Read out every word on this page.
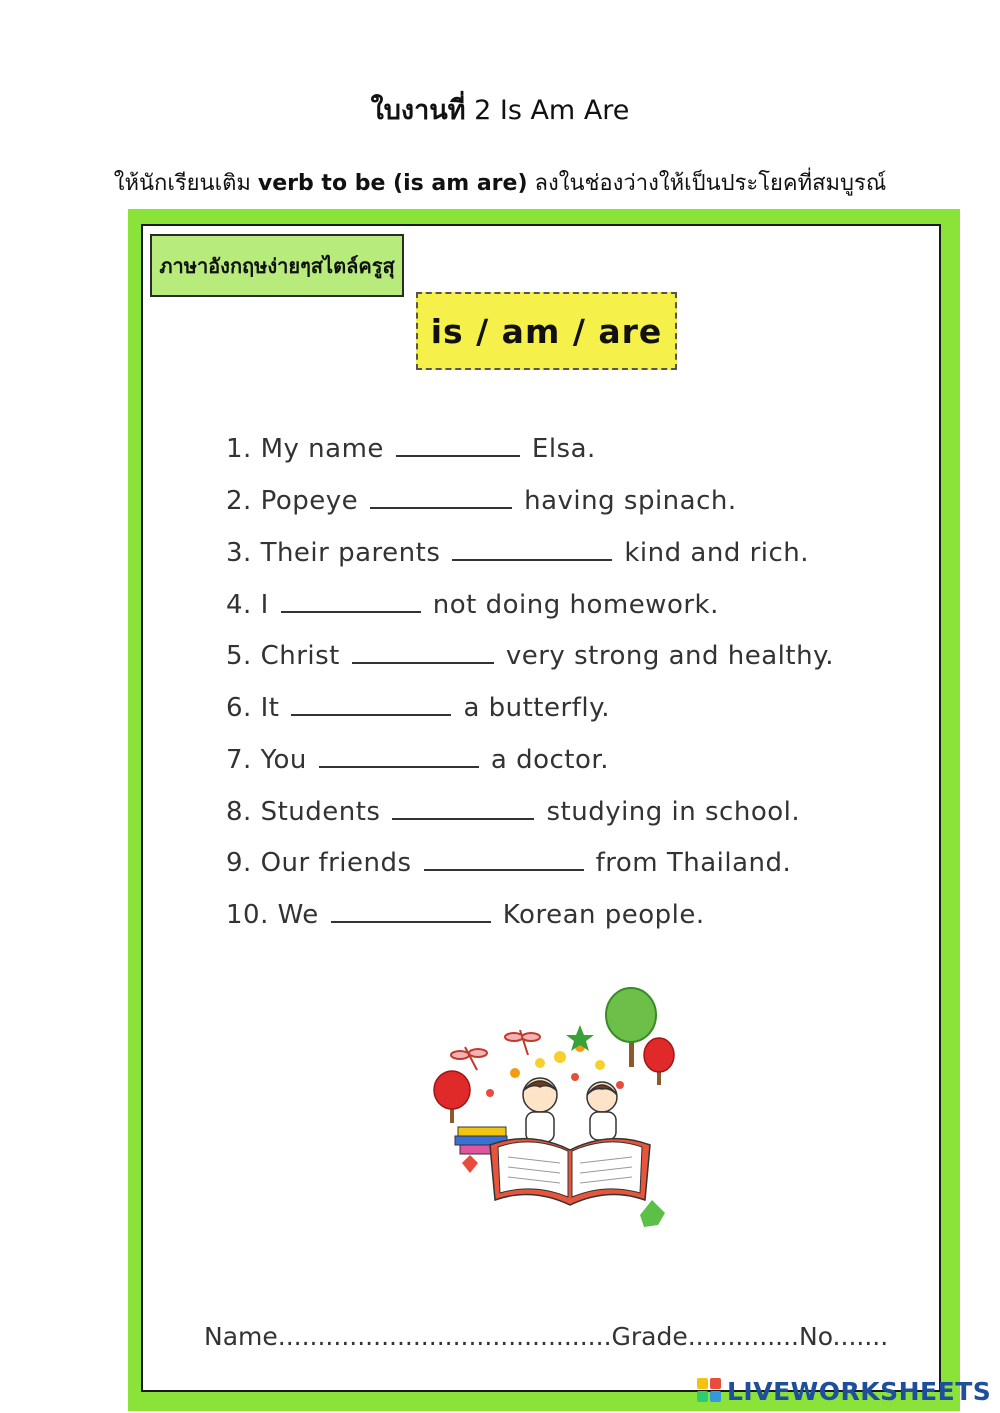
ใบงานที่ 2 Is Am Are
ให้นักเรียนเติม verb to be (is am are) ลงในช่องว่างให้เป็นประโยคที่สมบูรณ์
ภาษาอังกฤษง่ายๆสไตล์ครูสุ
is / am / are
1. My name	Elsa.
2. Popeye	having spinach.
3. Their parents	kind and rich.
4. I	not doing homework.
5. Christ	very strong and healthy.
6. It	a butterfly.
7. You	a doctor.
8. Students	studying in school.
9. Our friends	from Thailand.
10. We	Korean people.
Name..........................................Grade..............No.......
LIVEWORKSHEETS
